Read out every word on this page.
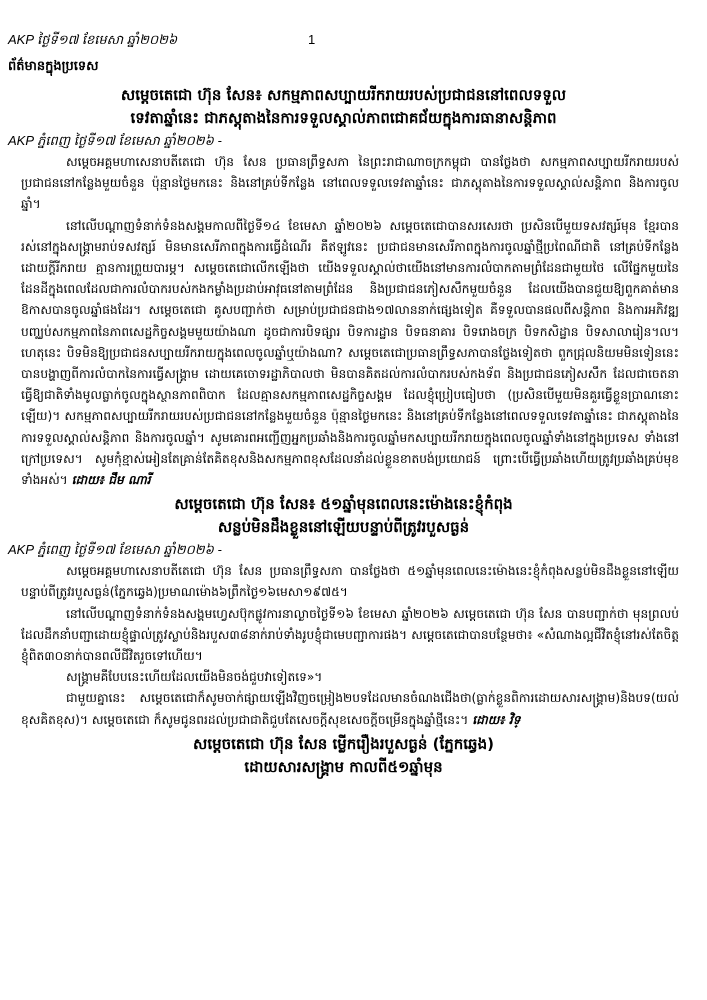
AKP ថ្ងៃទី១៧ ខែមេសា ឆ្នាំ២០២៦	1
ព័ត៌មានក្នុងប្រទេស
សម្តេចតេជោ ហ៊ុន សែន៖ សកម្មភាពសប្បាយរីករាយរបស់ប្រជាជននៅពេលទទួល
ទេវតាឆ្នាំនេះ ជាភស្តុតាងនៃការទទួលស្គាល់ភាពជោគជ័យក្នុងការធានាសន្តិភាព
AKP ភ្នំពេញ ថ្ងៃទី១៧ ខែមេសា ឆ្នាំ២០២៦ -

សម្តេចអគ្គមហាសេនាបតីតេជោ ហ៊ុន សែន ប្រធានព្រឹទ្ធសភា នៃព្រះរាជាណាចក្រកម្ពុជា បានថ្លែងថា សកម្មភាពសប្បាយរីករាយរបស់ប្រជាជននៅកន្លែងមួយចំនួន ប៉ុន្មានថ្ងៃមកនេះ និងនៅគ្រប់ទីកន្លែង នៅពេលទទួលទេវតាឆ្នាំនេះ ជាភស្តុតាងនៃការទទួលស្គាល់សន្តិភាព និងការចូលឆ្នាំ។

នៅលើបណ្តាញទំនាក់ទំនងសង្គមកាលពីថ្ងៃទី១៤ ខែមេសា ឆ្នាំ២០២៦ សម្តេចតេជោបានសរសេរថា ប្រសិនបើមួយទសវត្សរ៍មុន ខ្មែរបានរស់នៅក្នុងសង្គ្រាមរាប់ទសវត្សរ៍ មិនមានសេរីភាពក្នុងការធ្វើដំណើរ គឺឥឡូវនេះ ប្រជាជនមានសេរីភាពក្នុងការចូលឆ្នាំថ្មីប្រពៃណីជាតិ នៅគ្រប់ទីកន្លែង ដោយក្តីរីករាយ គ្មានការព្រួយបារម្ភ។ សម្តេចតេជោលើកឡើងថា យើងទទួលស្គាល់ថាយើងនៅមានការលំបាកតាមព្រំដែនជាមួយថៃ លើផ្នែកមួយនៃដែនដីក្នុងពេលដែលជាការលំបាករបស់កងកម្លាំងប្រដាប់អាវុធនៅតាមព្រំដែន និងប្រជាជនភៀសសឹកមួយចំនួន ដែលយើងបានជួយឱ្យពួកគាត់មានឱកាសបានចូលឆ្នាំផងដែរ។ សម្តេចតេជោ គូសបញ្ជាក់ថា សម្រាប់ប្រជាជនជាង១៧លាននាក់ផ្សេងទៀត គឺទទួលបានផលពីសន្តិភាព និងការអភិវឌ្ឍ បញ្ឈប់សកម្មភាពនៃភាពសេដ្ឋកិច្ចសង្គមមួយយ៉ាងណា ដូចជាការបិទផ្សារ បិទការដ្ឋាន បិទធនាគារ បិទរោងចក្រ បិទកសិដ្ឋាន បិទសាលារៀន។ល។ ហេតុនេះ បិទមិនឱ្យប្រជាជនសប្បាយរីករាយក្នុងពេលចូលឆ្នាំឬយ៉ាងណា? សម្តេចតេជោប្រធានព្រឹទ្ធសភាបានថ្លែងទៀតថា ពួកជ្រុលនិយមមិនទៀននេះបានបង្ហាញពីការលំបាកនៃការធ្វើសង្គ្រាម ដោយគេចោទរដ្ឋាភិបាលថា មិនបានគិតដល់ការលំបាករបស់កងទ័ព និងប្រជាជនភៀសសឹក ដែលជាចេតនាធ្វើឱ្យជាតិទាំងមូលធ្លាក់ចូលក្នុងស្ថានភាពពិបាក ដែលគ្មានសកម្មភាពសេដ្ឋកិច្ចសង្គម ដែលខ្ញុំប្រៀបធៀបថា (ប្រសិនបើមួយមិនគួរធ្វើខ្លួនប្រាណនោះឡើយ)។ សកម្មភាពសប្បាយរីករាយរបស់ប្រជាជននៅកន្លែងមួយចំនួន ប៉ុន្មានថ្ងៃមកនេះ និងនៅគ្រប់ទីកន្លែងនៅពេលទទួលទេវតាឆ្នាំនេះ ជាភស្តុតាងនៃការទទួលស្គាល់សន្តិភាព និងការចូលឆ្នាំ។ សូមគោរពអញ្ជើញអ្នកប្រឆាំងនិងការចូលឆ្នាំមកសប្បាយរីករាយក្នុងពេលចូលឆ្នាំទាំងនៅក្នុងប្រទេស ទាំងនៅក្រៅប្រទេស។ សូមកុំខ្មាស់អៀនតែគ្រាន់តែគិតខុសនិងសកម្មភាពខុសដែលនាំដល់ខ្លួនខាតបង់ប្រយោជន៍ ព្រោះបើធ្វើប្រឆាំងហើយត្រូវប្រឆាំងគ្រប់មុខទាំងអស់។ ដោយ៖ ជឹម ណារី

សម្តេចតេជោ ហ៊ុន សែន៖ ៥១ឆ្នាំមុនពេលនេះម៉ោងនេះខ្ញុំកំពុង
សន្លប់មិនដឹងខ្លួននៅឡើយបន្ទាប់ពីត្រូវរបួសធ្ងន់
AKP ភ្នំពេញ ថ្ងៃទី១៧ ខែមេសា ឆ្នាំ២០២៦ -

សម្តេចអគ្គមហាសេនាបតីតេជោ ហ៊ុន សែន ប្រធានព្រឹទ្ធសភា បានថ្លែងថា ៥១ឆ្នាំមុនពេលនេះម៉ោងនេះខ្ញុំកំពុងសន្លប់មិនដឹងខ្លួននៅឡើយបន្ទាប់ពីត្រូវរបួសធ្ងន់(ភ្នែកឆ្វេង)ប្រមាណម៉ោង៦ព្រឹកថ្ងៃ១៦មេសា១៩៧៥។

នៅលើបណ្តាញទំនាក់ទំនងសង្គមហ្វេសប៊ុកផ្លូវការនាល្ងាចថ្ងៃទី១៦ ខែមេសា ឆ្នាំ២០២៦ សម្តេចតេជោ ហ៊ុន សែន បានបញ្ជាក់ថា មុនព្រលប់ដែលដឹកនាំបញ្ជាដោយខ្ញុំផ្ទាល់ត្រូវស្លាប់និងរបួស៣៨នាក់រាប់ទាំងរូបខ្ញុំជាមេបញ្ជាការផង។ សម្តេចតេជោបានបន្ថែមថា៖ «សំណាងល្អជីវិតខ្ញុំនៅរស់តែចិត្តខ្ញុំពិត៣០នាក់បានពលីជីវិតរួចទៅហើយ។

សង្គ្រាមគឺបែបនេះហើយដែលយើងមិនចង់ជួបវាទៀតទេ»។

ជាមួយគ្នានេះ សម្តេចតេជោក៏សូមចាក់ផ្សាយឡើងវិញចម្រៀង២បទដែលមានចំណងជើងថា(ធ្លាក់ខ្លួនពិការដោយសារសង្គ្រាម)និងបទ(យល់ខុសគិតខុស)។ សម្តេចតេជោ ក៏សូមជូនពរដល់ប្រជាជាតិជួបតែសេចក្តីសុខសេចក្តីចម្រើនក្នុងឆ្នាំថ្មីនេះ។ ដោយ៖ វិទ្

សម្តេចតេជោ ហ៊ុន សែន ម្លើករឿងរបួសធ្ងន់ (ភ្នែកឆ្វេង)
ដោយសារសង្គ្រាម កាលពី៥១ឆ្នាំមុន
